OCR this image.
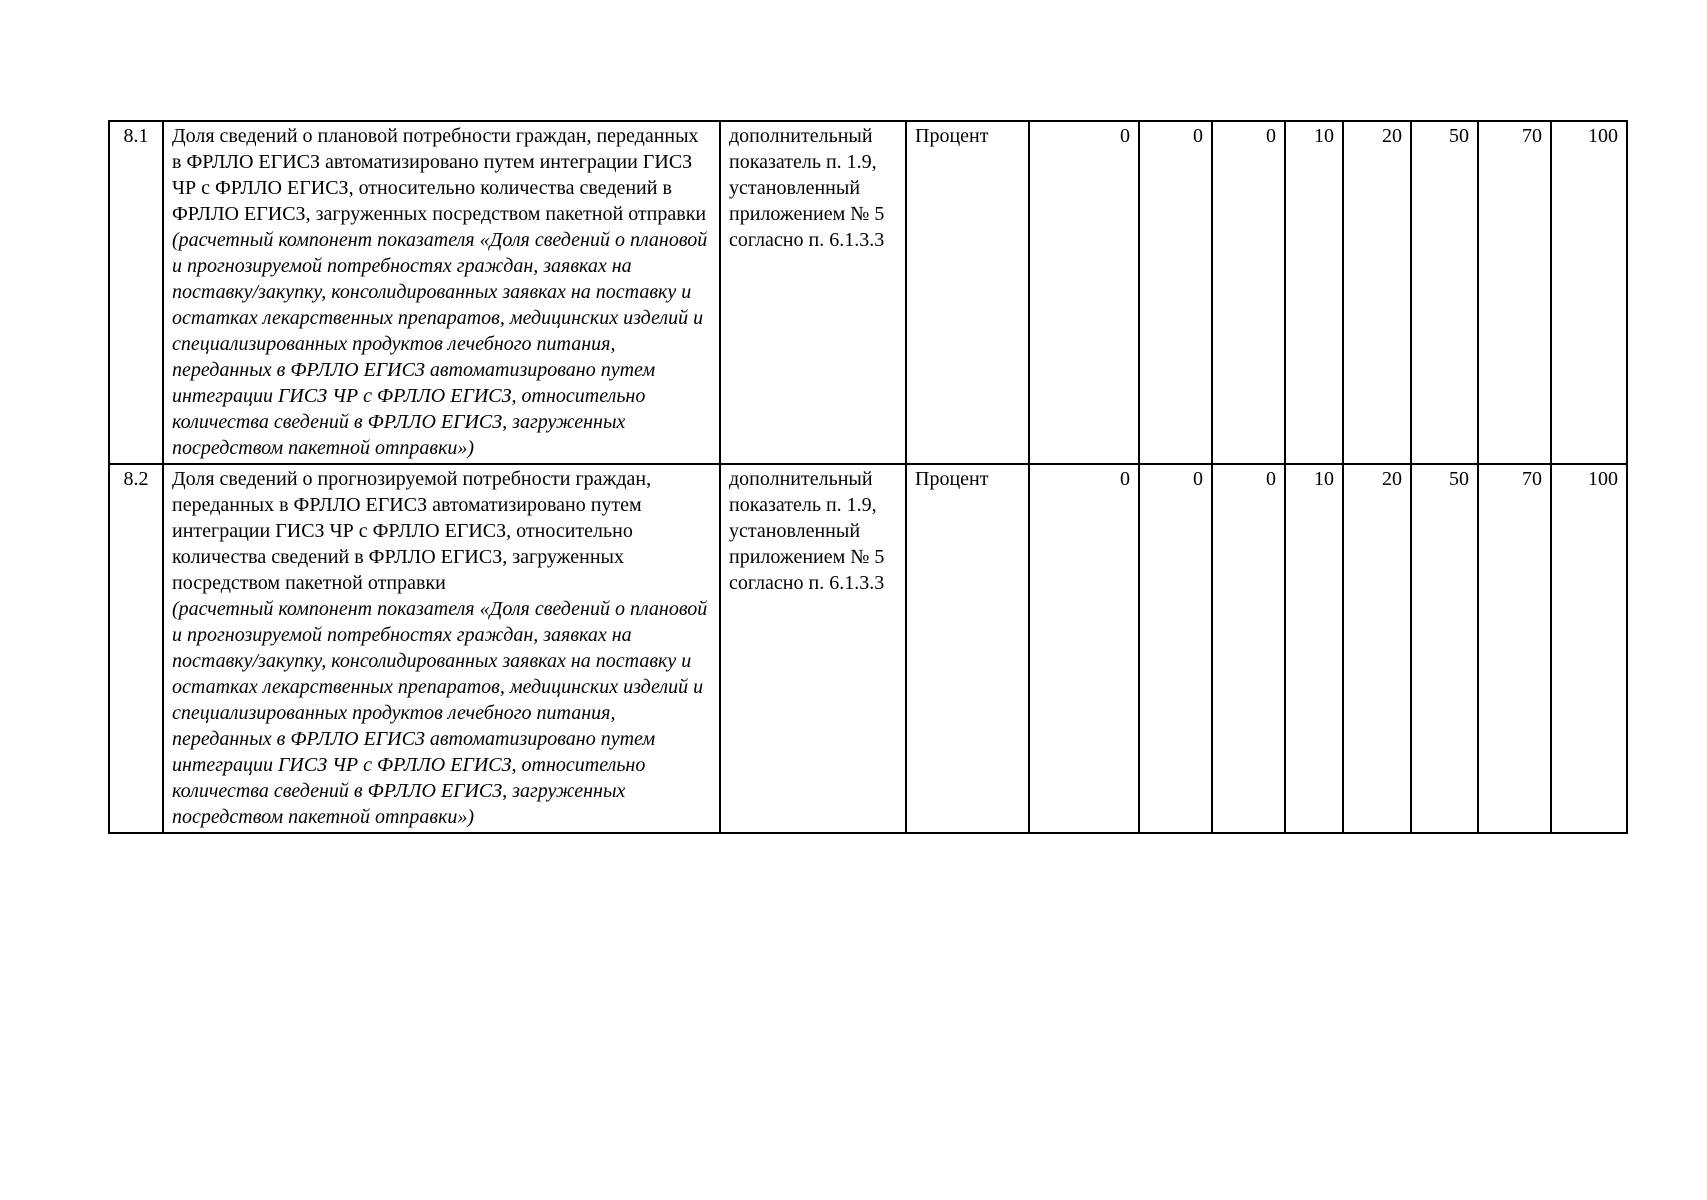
8.1	Доля сведений о плановой потребности граждан, переданных в ФРЛЛО ЕГИСЗ автоматизировано путем интеграции ГИСЗ ЧР с ФРЛЛО ЕГИСЗ, относительно количества сведений в ФРЛЛО ЕГИСЗ, загруженных посредством пакетной отправки
(расчетный компонент показателя «Доля сведений о плановой и прогнозируемой потребностях граждан, заявках на поставку/закупку, консолидированных заявках на поставку и остатках лекарственных препаратов, медицинских изделий и специализированных продуктов лечебного питания, переданных в ФРЛЛО ЕГИСЗ автоматизировано путем интеграции ГИСЗ ЧР с ФРЛЛО ЕГИСЗ, относительно количества сведений в ФРЛЛО ЕГИСЗ, загруженных посредством пакетной отправки»)	дополнительный показатель п. 1.9, установленный приложением № 5 согласно п. 6.1.3.3	Процент	0	0	0	10	20	50	70	100
8.2	Доля сведений о прогнозируемой потребности граждан, переданных в ФРЛЛО ЕГИСЗ автоматизировано путем интеграции ГИСЗ ЧР с ФРЛЛО ЕГИСЗ, относительно количества сведений в ФРЛЛО ЕГИСЗ, загруженных посредством пакетной отправки
(расчетный компонент показателя «Доля сведений о плановой и прогнозируемой потребностях граждан, заявках на поставку/закупку, консолидированных заявках на поставку и остатках лекарственных препаратов, медицинских изделий и специализированных продуктов лечебного питания, переданных в ФРЛЛО ЕГИСЗ автоматизировано путем интеграции ГИСЗ ЧР с ФРЛЛО ЕГИСЗ, относительно количества сведений в ФРЛЛО ЕГИСЗ, загруженных посредством пакетной отправки»)	дополнительный показатель п. 1.9, установленный приложением № 5 согласно п. 6.1.3.3	Процент	0	0	0	10	20	50	70	100
